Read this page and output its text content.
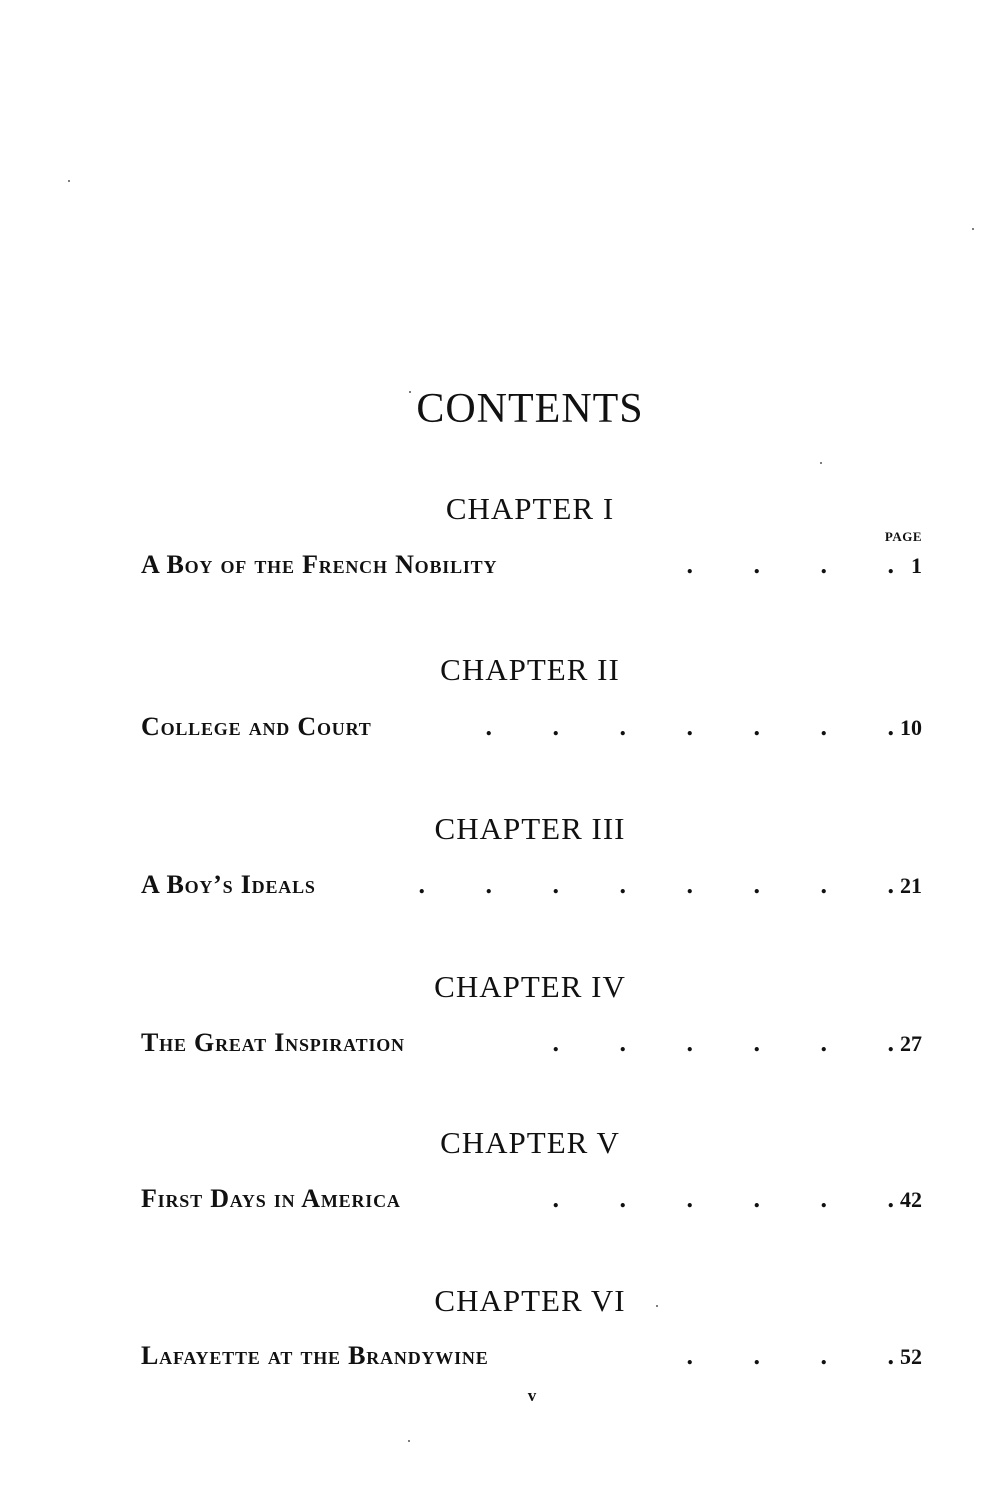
CONTENTS
PAGE
CHAPTER I
A Boy of the French Nobility	.	.	.	. 1
CHAPTER II
College and Court	.	.	.	.	.	.	. 10
CHAPTER III
A Boy’s Ideals	.	.	.	.	.	.	.	. 21
CHAPTER IV
The Great Inspiration	.	.	.	.	.	. 27
CHAPTER V
First Days in America	.	.	.	.	.	. 42
CHAPTER VI
Lafayette at the Brandywine	.	.	.	. 52
v
